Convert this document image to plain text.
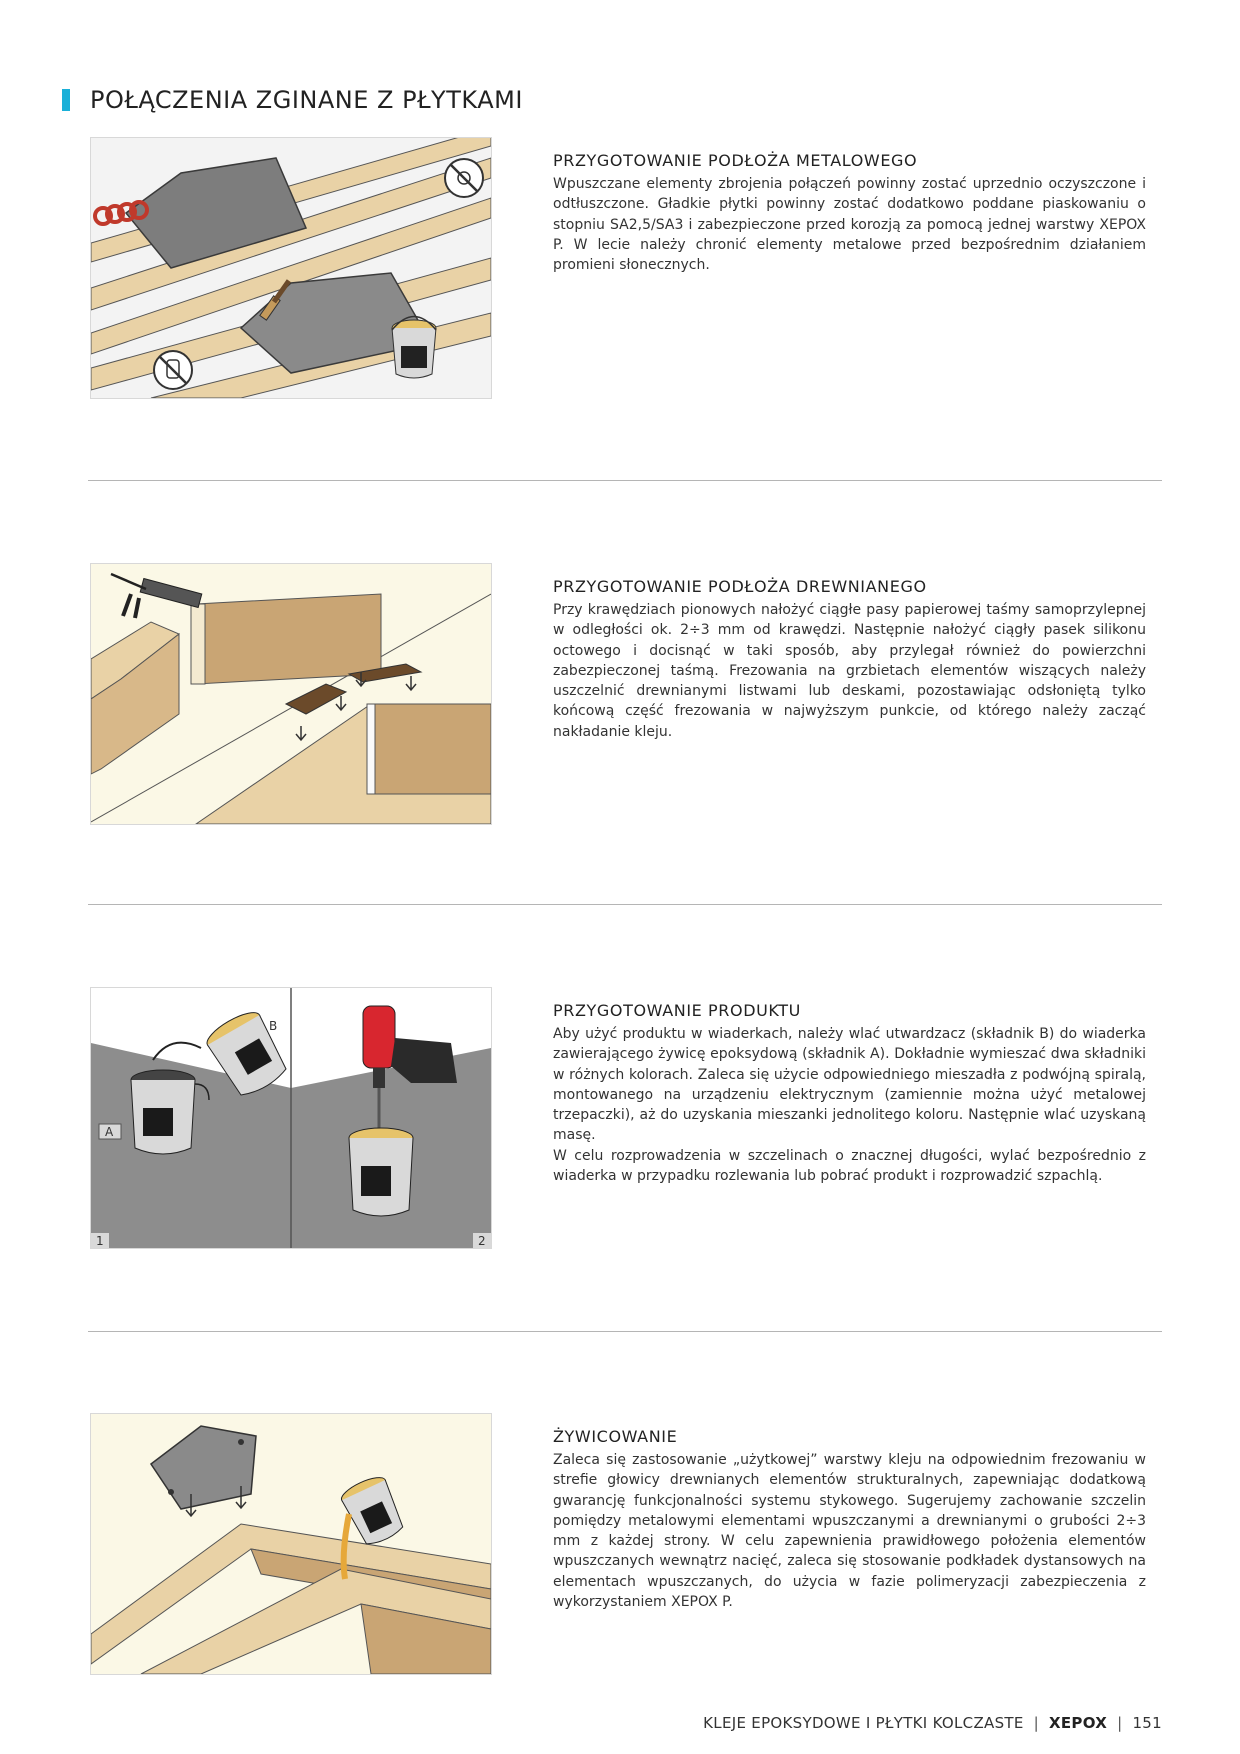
POŁĄCZENIA ZGINANE Z PŁYTKAMI
PRZYGOTOWANIE PODŁOŻA METALOWEGO

Wpuszczane elementy zbrojenia połączeń powinny zostać uprzednio oczyszczone i odtłuszczone. Gładkie płytki powinny zostać dodatkowo poddane piaskowaniu o stopniu SA2,5/SA3 i zabezpieczone przed korozją za pomocą jednej warstwy XEPOX P. W lecie należy chronić elementy metalowe przed bezpośrednim działaniem promieni słonecznych.

PRZYGOTOWANIE PODŁOŻA DREWNIANEGO

Przy krawędziach pionowych nałożyć ciągłe pasy papierowej taśmy samoprzylepnej w odległości ok. 2÷3 mm od krawędzi. Następnie nałożyć ciągły pasek silikonu octowego i docisnąć w taki sposób, aby przylegał również do powierzchni zabezpieczonej taśmą. Frezowania na grzbietach elementów wiszących należy uszczelnić drewnianymi listwami lub deskami, pozostawiając odsłoniętą tylko końcową część frezowania w najwyższym punkcie, od którego należy zacząć nakładanie kleju.

B
A
1	2
PRZYGOTOWANIE PRODUKTU

Aby użyć produktu w wiaderkach, należy wlać utwardzacz (składnik B) do wiaderka zawierającego żywicę epoksydową (składnik A). Dokładnie wymieszać dwa składniki w różnych kolorach. Zaleca się użycie odpowiedniego mieszadła z podwójną spiralą, montowanego na urządzeniu elektrycznym (zamiennie można użyć metalowej trzepaczki), aż do uzyskania mieszanki jednolitego koloru. Następnie wlać uzyskaną masę.
W celu rozprowadzenia w szczelinach o znacznej długości, wylać bezpośrednio z wiaderka w przypadku rozlewania lub pobrać produkt i rozprowadzić szpachlą.

ŻYWICOWANIE

Zaleca się zastosowanie „użytkowej” warstwy kleju na odpowiednim frezowaniu w strefie głowicy drewnianych elementów strukturalnych, zapewniając dodatkową gwarancję funkcjonalności systemu stykowego. Sugerujemy zachowanie szczelin pomiędzy metalowymi elementami wpuszczanymi a drewnianymi o grubości 2÷3 mm z każdej strony. W celu zapewnienia prawidłowego położenia elementów wpuszczanych wewnątrz nacięć, zaleca się stosowanie podkładek dystansowych na elementach wpuszczanych, do użycia w fazie polimeryzacji zabezpieczenia z wykorzystaniem XEPOX P.

KLEJE EPOKSYDOWE I PŁYTKI KOLCZASTE | XEPOX | 151
